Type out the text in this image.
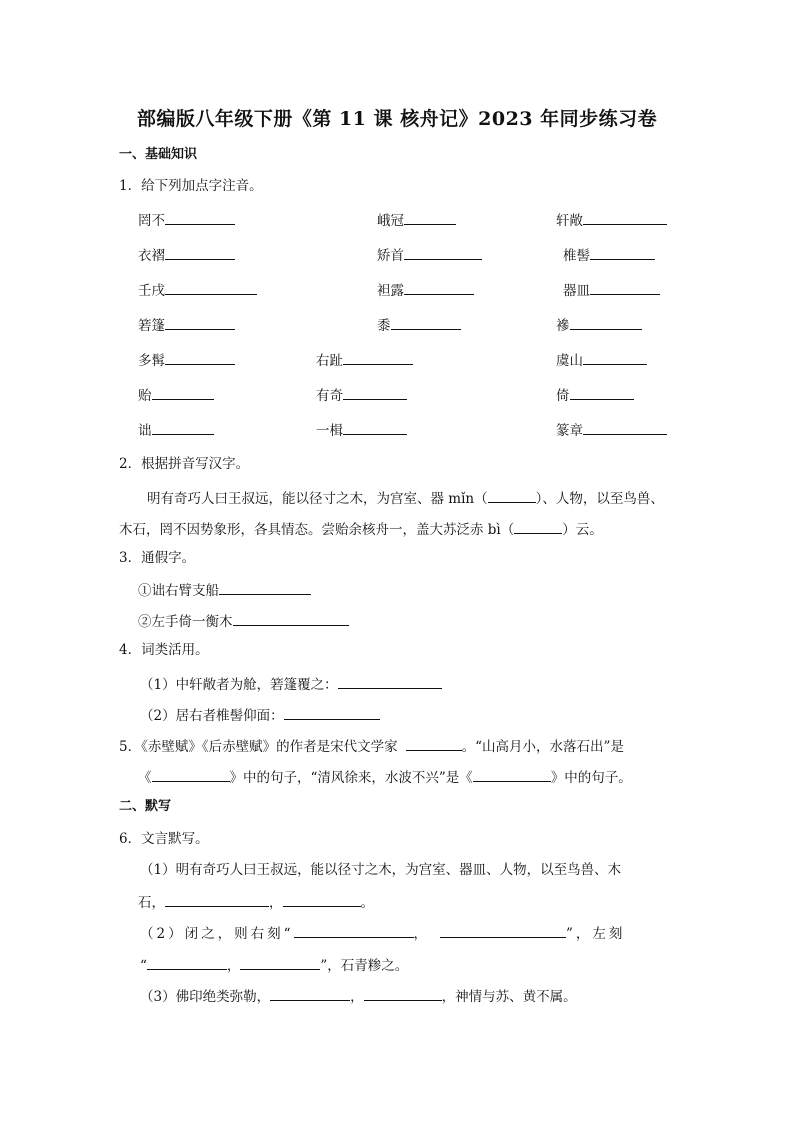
部编版八年级下册《第 11 课 核舟记》2023 年同步练习卷
一、基础知识
1．给下列加点字注音。
罔不	峨冠	轩敞
衣褶	矫首	椎髻
壬戌	袒露	器皿
箬篷	黍	襂
多髯	右趾	虞山
贻	有奇	倚
诎	一楫	篆章
2．根据拼音写汉字。
明有奇巧人曰王叔远，能以径寸之木，为宫室、器 mǐn（	）、人物，以至鸟兽、
木石，罔不因势象形，各具情态。尝贻余核舟一，盖大苏泛赤 bì（	）云。
3．通假字。
①诎右臂支船
②左手倚一衡木
4．词类活用。
（1）中轩敞者为舱，箬篷覆之：
（2）居右者椎髻仰面：
5．《赤壁赋》《后赤壁赋》的作者是宋代文学家	。“山高月小，水落石出”是
《	》中的句子，“清风徐来，水波不兴”是《	》中的句子。
二、默写
6．文言默写。
（1）明有奇巧人曰王叔远，能以径寸之木，为宫室、器皿、人物，以至鸟兽、木
石，	，	。
（2）闭之，则右刻“	，	”，左刻
“	，	”，石青糁之。
（3）佛印绝类弥勒，	，	，神情与苏、黄不属。
